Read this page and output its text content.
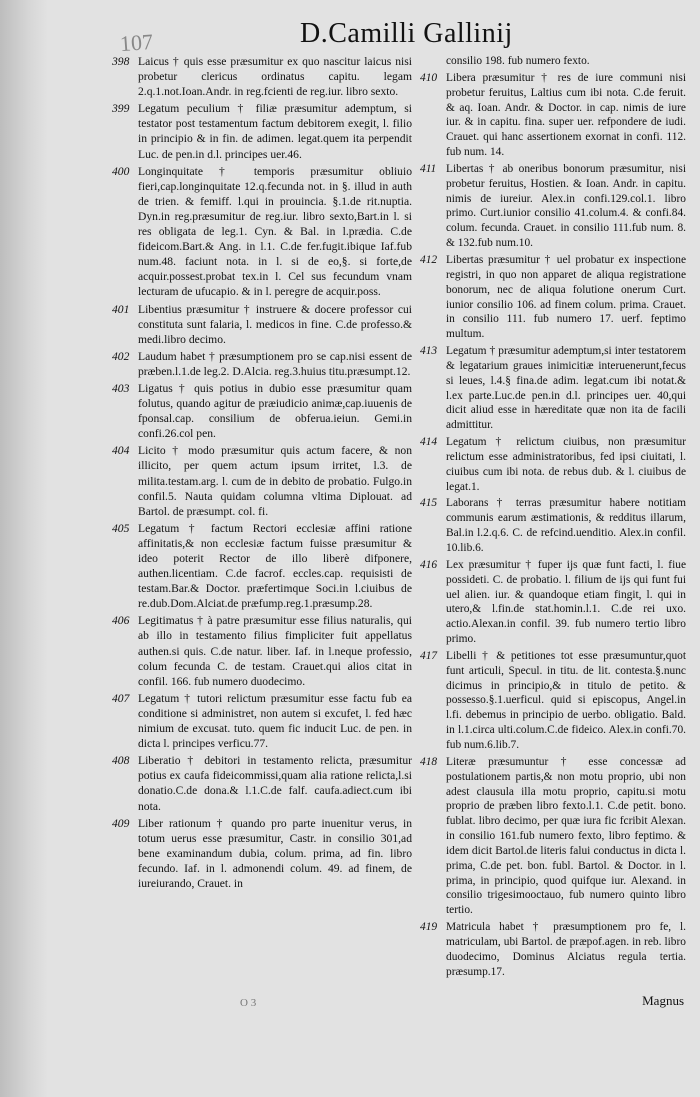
107	D.Camilli Gallinij

398 Laicus † quis esse præsumitur ex quo nascitur laicus nisi probetur clericus ordinatus capitu. legam 2.q.1.not.Ioan.Andr. in reg.fcienti de reg.iur. libro sexto.

399 Legatum peculium † filiæ præsumitur ademptum, si testator post testamentum factum debitorem exegit, l. filio in principio & in fin. de adimen. legat.quem ita perpendit Luc. de pen.in d.l. principes uer.46.

400 Longinquitate † temporis præsumitur obliuio fieri,cap.longinquitate 12.q.fecunda not. in §. illud in auth de trien. & femiff. l.qui in prouincia. §.1.de rit.nuptia. Dyn.in reg.præsumitur de reg.iur. libro sexto,Bart.in l. si res obligata de leg.1. Cyn. & Bal. in l.prædia. C.de fideicom.Bart.& Ang. in l.1. C.de fer.fugit.ibique Iaf.fub num.48. faciunt nota. in l. si de eo,§. si forte,de acquir.possest.probat tex.in l. Cel sus fecundum vnam lecturam de ufucapio. & in l. peregre de acquir.poss.

401 Libentius præsumitur † instruere & docere professor cui constituta sunt falaria, l. medicos in fine. C.de professo.& medi.libro decimo.

402 Laudum habet † præsumptionem pro se cap.nisi essent de præben.l.1.de leg.2. D.Alcia. reg.3.huius titu.præsumpt.12.

403 Ligatus † quis potius in dubio esse præsumitur quam folutus, quando agitur de præiudicio animæ,cap.iuuenis de fponsal.cap. consilium de obferua.ieiun. Gemi.in confi.26.col pen.

404 Licito † modo præsumitur quis actum facere, & non illicito, per quem actum ipsum irritet, l.3. de milita.testam.arg. l. cum de in debito de probatio. Fulgo.in confil.5. Nauta quidam columna vltima Diplouat. ad Bartol. de præsumpt. col. fi.

405 Legatum † factum Rectori ecclesiæ affini ratione affinitatis,& non ecclesiæ factum fuisse præsumitur & ideo poterit Rector de illo liberè difponere, authen.licentiam. C.de facrof. eccles.cap. requisisti de testam.Bar.& Doctor. præfertimque Soci.in l.ciuibus de re.dub.Dom.Alciat.de præfump.reg.1.præsump.28.

406 Legitimatus † à patre præsumitur esse filius naturalis, qui ab illo in testamento filius fimpliciter fuit appellatus authen.si quis. C.de natur. liber. Iaf. in l.neque professio, colum fecunda C. de testam. Crauet.qui alios citat in confil. 166. fub numero duodecimo.

407 Legatum † tutori relictum præsumitur esse factu fub ea conditione si administret, non autem si excufet, l. fed hæc nimium de excusat. tuto. quem fic inducit Luc. de pen. in dicta l. principes verficu.77.

408 Liberatio † debitori in testamento relicta, præsumitur potius ex caufa fideicommissi,quam alia ratione relicta,l.si donatio.C.de dona.& l.1.C.de falf. caufa.adiect.cum ibi nota.

409 Liber rationum † quando pro parte inuenitur verus, in totum uerus esse præsumitur, Castr. in consilio 301,ad bene examinandum dubia, colum. prima, ad fin. libro fecundo. Iaf. in l. admonendi colum. 49. ad finem, de iureiurando, Crauet. in

consilio 198. fub numero fexto.

410 Libera præsumitur † res de iure communi nisi probetur feruitus, Laltius cum ibi nota. C.de feruit. & aq. Ioan. Andr. & Doctor. in cap. nimis de iure iur. & in capitu. fina. super uer. refpondere de iudi. Crauet. qui hanc assertionem exornat in confi. 112. fub num. 14.

411 Libertas † ab oneribus bonorum præsumitur, nisi probetur feruitus, Hostien. & Ioan. Andr. in capitu. nimis de iureiur. Alex.in confi.129.col.1. libro primo. Curt.iunior consilio 41.colum.4. & confi.84. colum. fecunda. Crauet. in consilio 111.fub num. 8. & 132.fub num.10.

412 Libertas præsumitur † uel probatur ex inspectione registri, in quo non apparet de aliqua registratione bonorum, nec de aliqua folutione onerum Curt. iunior consilio 106. ad finem colum. prima. Crauet. in consilio 111. fub numero 17. uerf. feptimo multum.

413 Legatum † præsumitur ademptum,si inter testatorem & legatarium graues inimicitiæ interuenerunt,fecus si leues, l.4.§ fina.de adim. legat.cum ibi notat.& l.ex parte.Luc.de pen.in d.l. principes uer. 40,qui dicit aliud esse in hæreditate quæ non ita de facili admittitur.

414 Legatum † relictum ciuibus, non præsumitur relictum esse administratoribus, fed ipsi ciuitati, l. ciuibus cum ibi nota. de rebus dub. & l. ciuibus de legat.1.

415 Laborans † terras præsumitur habere notitiam communis earum æstimationis, & redditus illarum, Bal.in l.2.q.6. C. de refcind.uenditio. Alex.in confil. 10.lib.6.

416 Lex præsumitur † fuper ijs quæ funt facti, l. fiue possideti. C. de probatio. l. filium de ijs qui funt fui uel alien. iur. & quandoque etiam fingit, l. qui in utero,& l.fin.de stat.homin.l.1. C.de rei uxo. actio.Alexan.in confil. 39. fub numero tertio libro primo.

417 Libelli † & petitiones tot esse præsumuntur,quot funt articuli, Specul. in titu. de lit. contesta.§.nunc dicimus in principio,& in titulo de petito. & possesso.§.1.uerficul. quid si episcopus, Angel.in l.fi. debemus in principio de uerbo. obligatio. Bald. in l.1.circa ulti.colum.C.de fideico. Alex.in confi.70. fub num.6.lib.7.

418 Literæ præsumuntur † esse concessæ ad postulationem partis,& non motu proprio, ubi non adest clausula illa motu proprio, capitu.si motu proprio de præben libro fexto.l.1. C.de petit. bono. fublat. libro decimo, per quæ iura fic fcribit Alexan. in consilio 161.fub numero fexto, libro feptimo. & idem dicit Bartol.de literis falui conductus in dicta l. prima, C.de pet. bon. fubl. Bartol. & Doctor. in l. prima, in principio, quod quifque iur. Alexand. in consilio trigesimooctauo, fub numero quinto libro tertio.

419 Matricula habet † præsumptionem pro fe, l. matriculam, ubi Bartol. de præpof.agen. in reb. libro duodecimo, Dominus Alciatus regula tertia. præsump.17.

O 3	Magnus
